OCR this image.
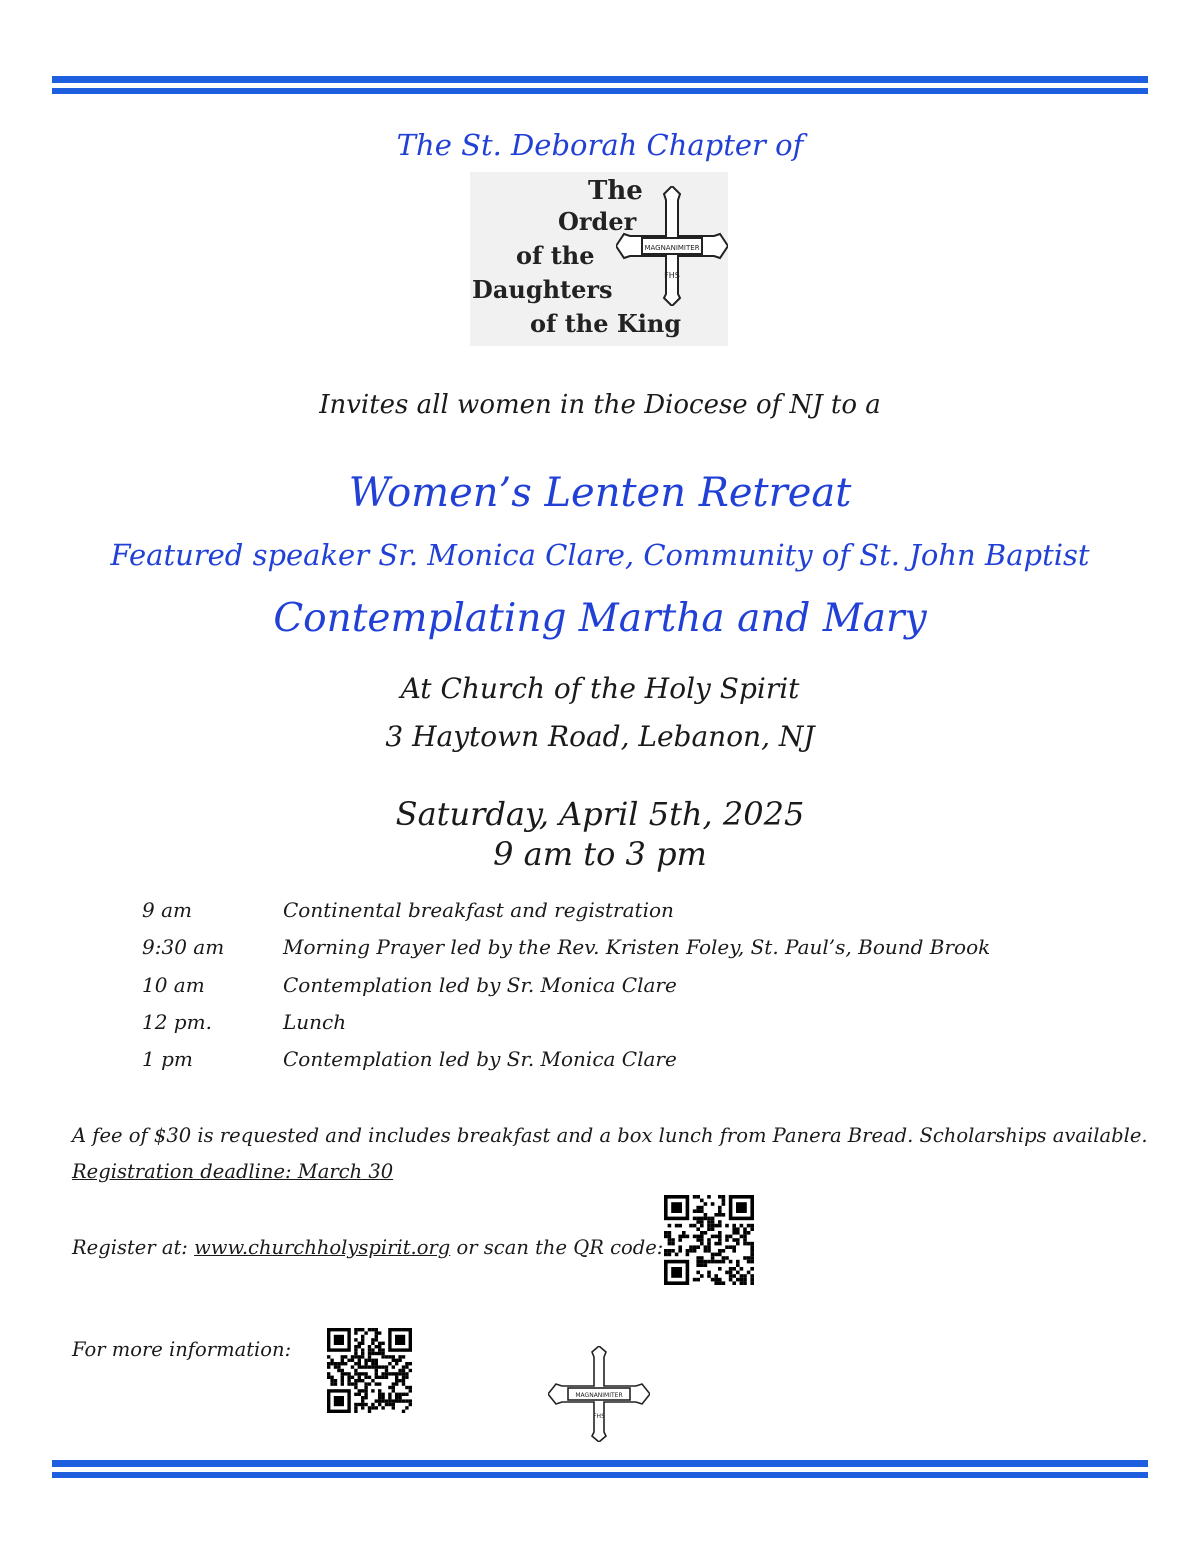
The St. Deborah Chapter of
The
Order
of the
Daughters
of the King
MAGNANIMITER
FHS
Invites all women in the Diocese of NJ to a
Women’s Lenten Retreat
Featured speaker Sr. Monica Clare, Community of St. John Baptist
Contemplating Martha and Mary
At Church of the Holy Spirit
3 Haytown Road, Lebanon, NJ
Saturday, April 5th, 2025
9 am to 3 pm
9 am	Continental breakfast and registration
9:30 am	Morning Prayer led by the Rev. Kristen Foley, St. Paul’s, Bound Brook
10 am	Contemplation led by Sr. Monica Clare
12 pm.	Lunch
1 pm	Contemplation led by Sr. Monica Clare
A fee of $30 is requested and includes breakfast and a box lunch from Panera Bread. Scholarships available.
Registration deadline: March 30
Register at: www.churchholyspirit.org or scan the QR code:
For more information:
MAGNANIMITER
FHS
